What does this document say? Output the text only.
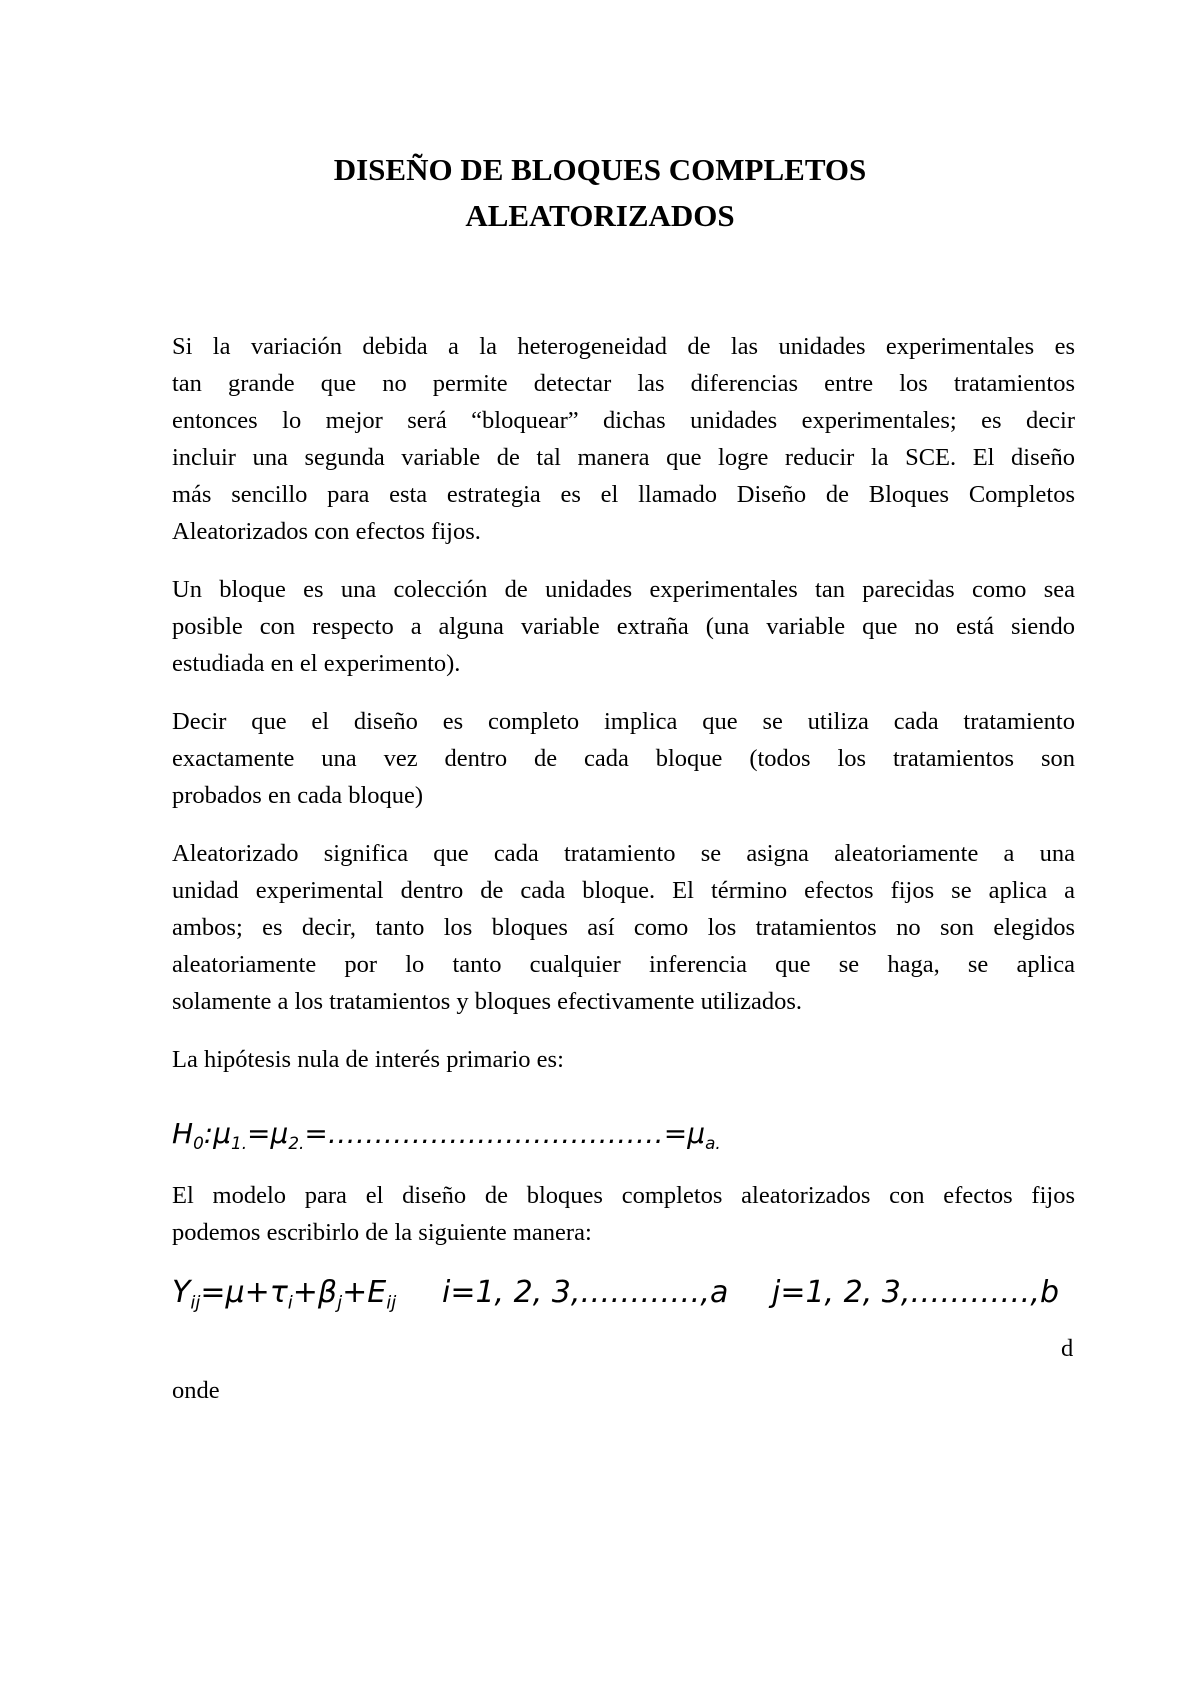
DISEÑO DE BLOQUES COMPLETOS
ALEATORIZADOS
Si la variación debida a la heterogeneidad de las unidades experimentales es
tan grande que no permite detectar las diferencias entre los tratamientos
entonces lo mejor será “bloquear” dichas unidades experimentales; es decir
incluir una segunda variable de tal manera que logre reducir la SCE. El diseño
más sencillo para esta estrategia es el llamado Diseño de Bloques Completos
Aleatorizados con efectos fijos.
Un bloque es una colección de unidades experimentales tan parecidas como sea
posible con respecto a alguna variable extraña (una variable que no está siendo
estudiada en el experimento).
Decir que el diseño es completo implica que se utiliza cada tratamiento
exactamente una vez dentro de cada bloque (todos los tratamientos son
probados en cada bloque)
Aleatorizado significa que cada tratamiento se asigna aleatoriamente a una
unidad experimental dentro de cada bloque. El término efectos fijos se aplica a
ambos; es decir, tanto los bloques así como los tratamientos no son elegidos
aleatoriamente por lo tanto cualquier inferencia que se haga, se aplica
solamente a los tratamientos y bloques efectivamente utilizados.
La hipótesis nula de interés primario es:
$H_0:\mu_{1.}=\mu_{2.}=\dots\dots\dots\dots\dots\dots\dots\dots\dots\dots\dots\dots=\mu_{a.}$
El modelo para el diseño de bloques completos aleatorizados con efectos fijos
podemos escribirlo de la siguiente manera:
$Y_{ij}=\mu+\tau_i+\beta_j+E_{ij}$ i=1, 2, 3,…………,a j=1, 2, 3,…………,b
d
onde
